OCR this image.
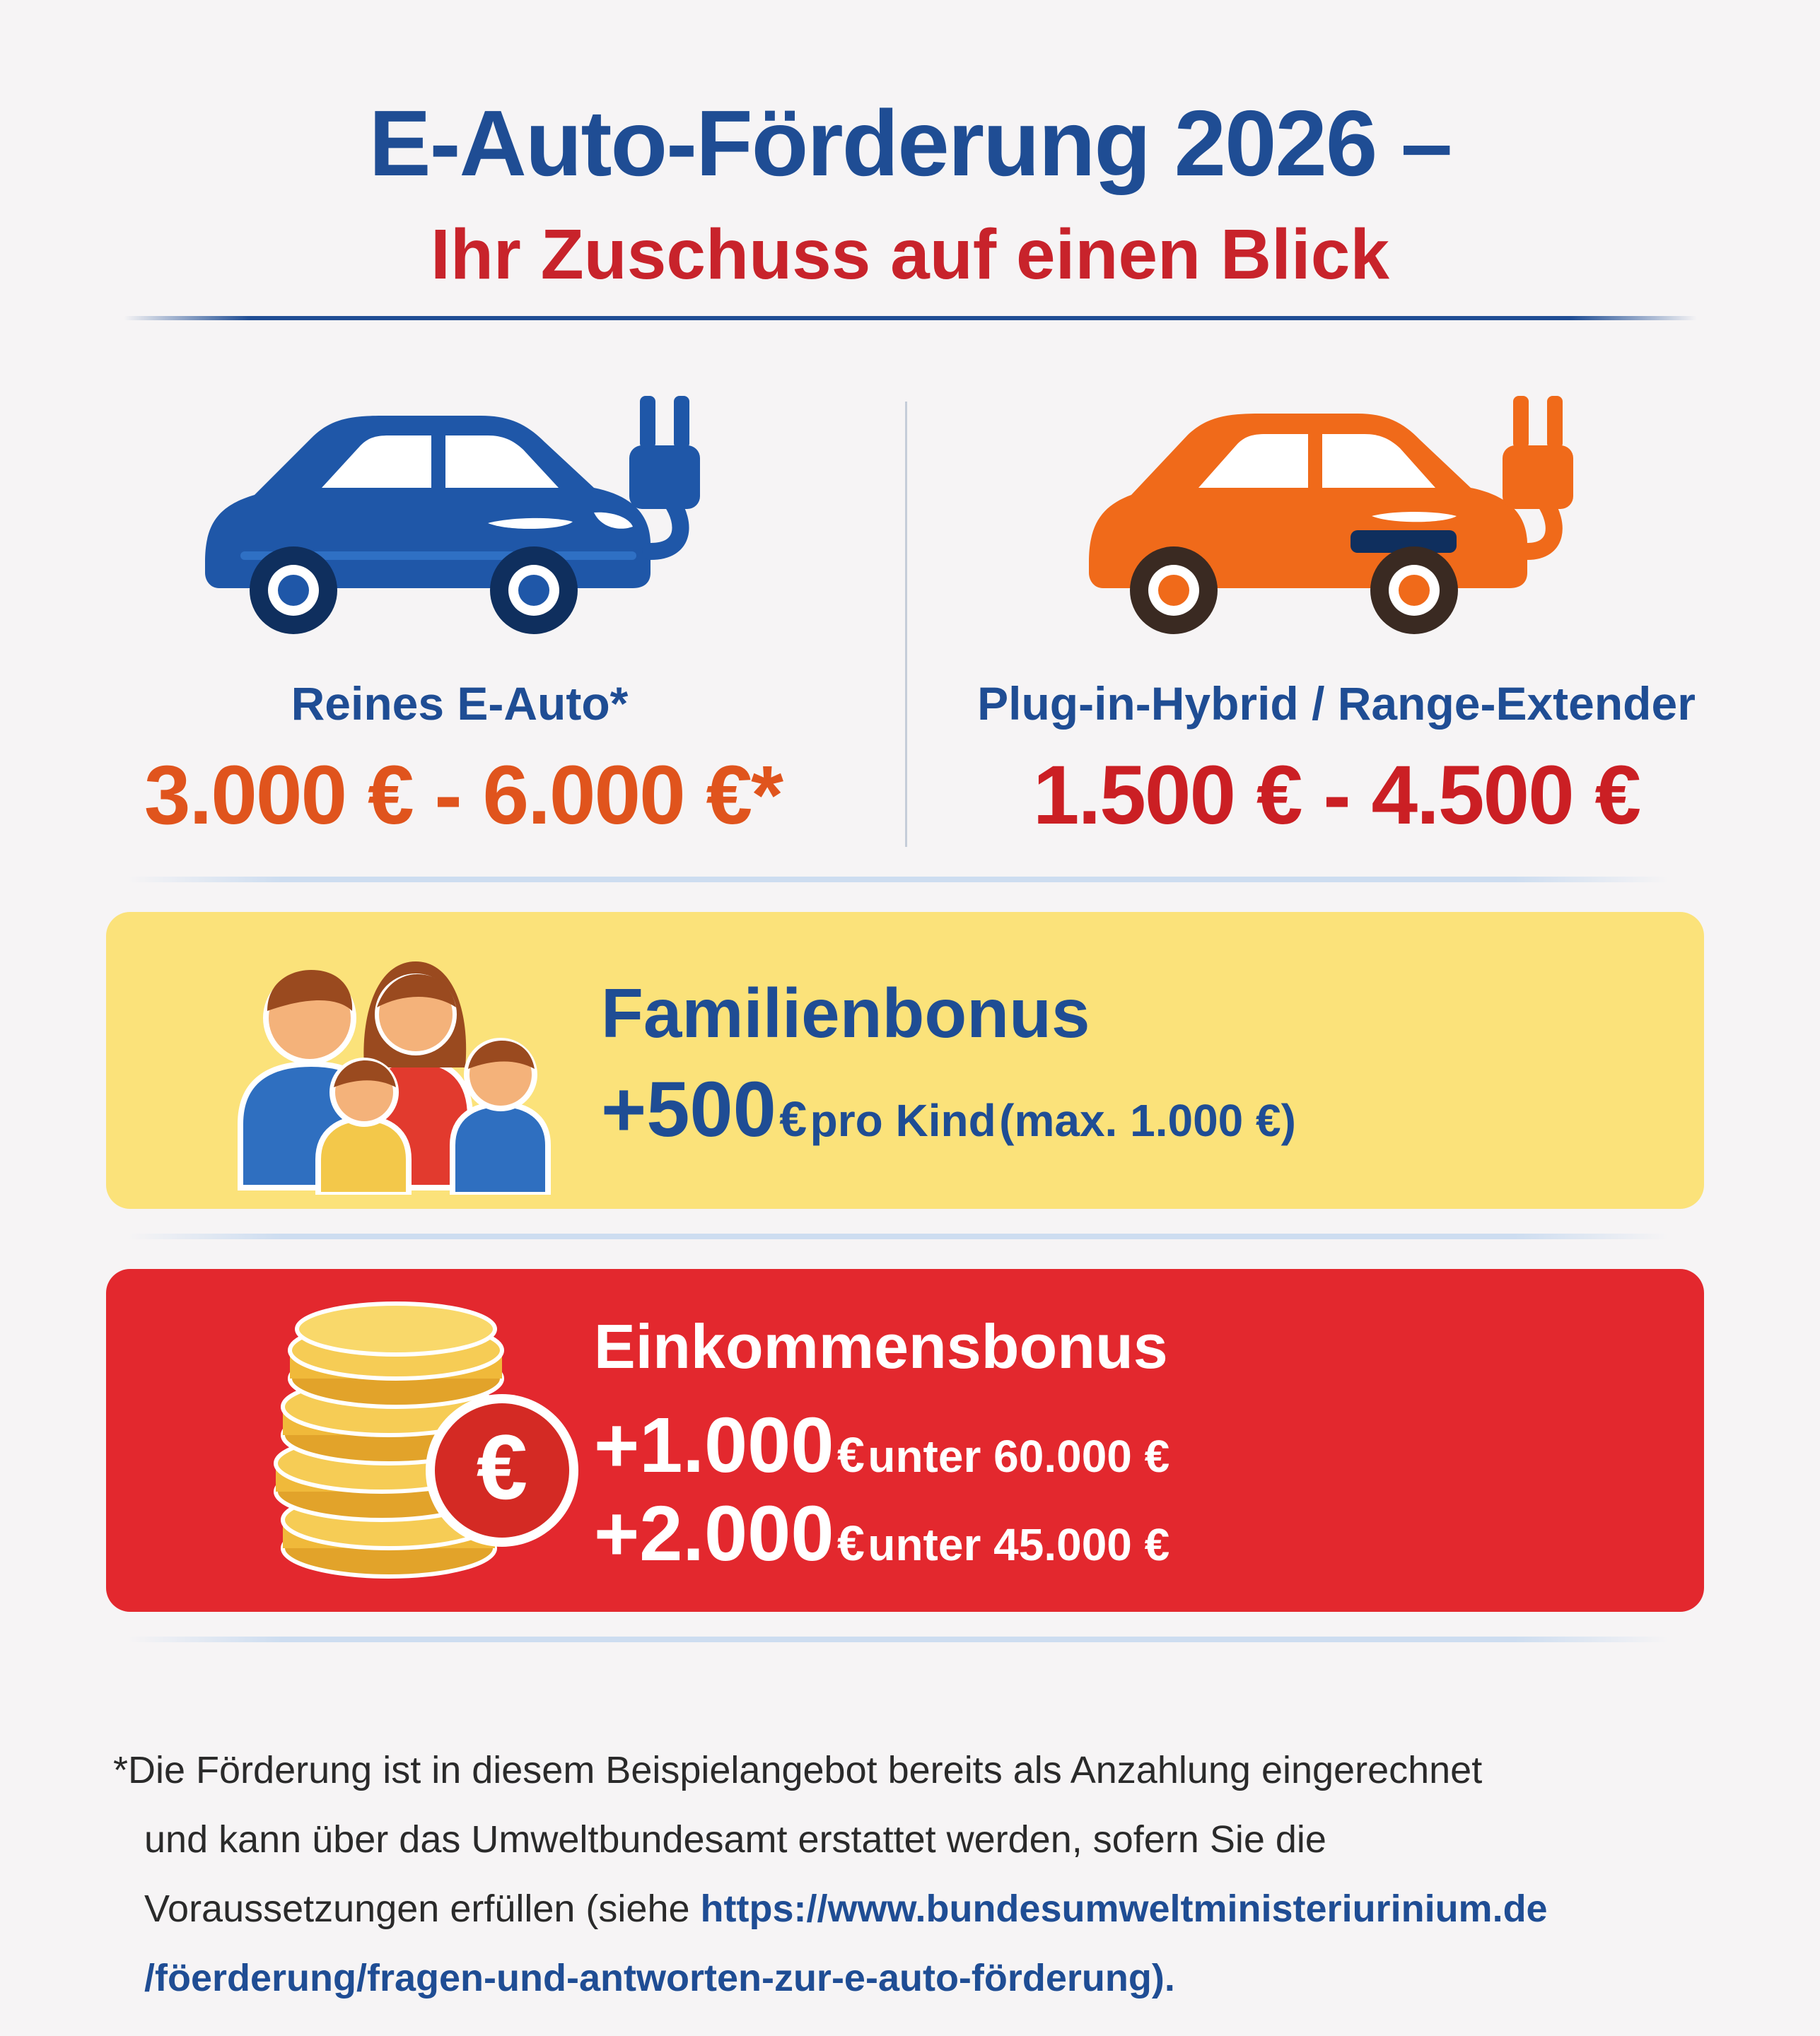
E-Auto-Förderung 2026 –
Ihr Zuschuss auf einen Blick
Reines E-Auto*	Plug-in-Hybrid / Range-Extender
3.000 € - 6.000 €*	1.500 € - 4.500 €
Familienbonus
+500 € pro Kind (max. 1.000 €)
€
Einkommensbonus
+1.000 € unter 60.000 €
+2.000 € unter 45.000 €
*Die Förderung ist in diesem Beispielangebot bereits als Anzahlung eingerechnet
und kann über das Umweltbundesamt erstattet werden, sofern Sie die
Voraussetzungen erfüllen (siehe https://www.bundesumweltministeriurinium.de
/föerderung/fragen-und-antworten-zur-e-auto-förderung).
